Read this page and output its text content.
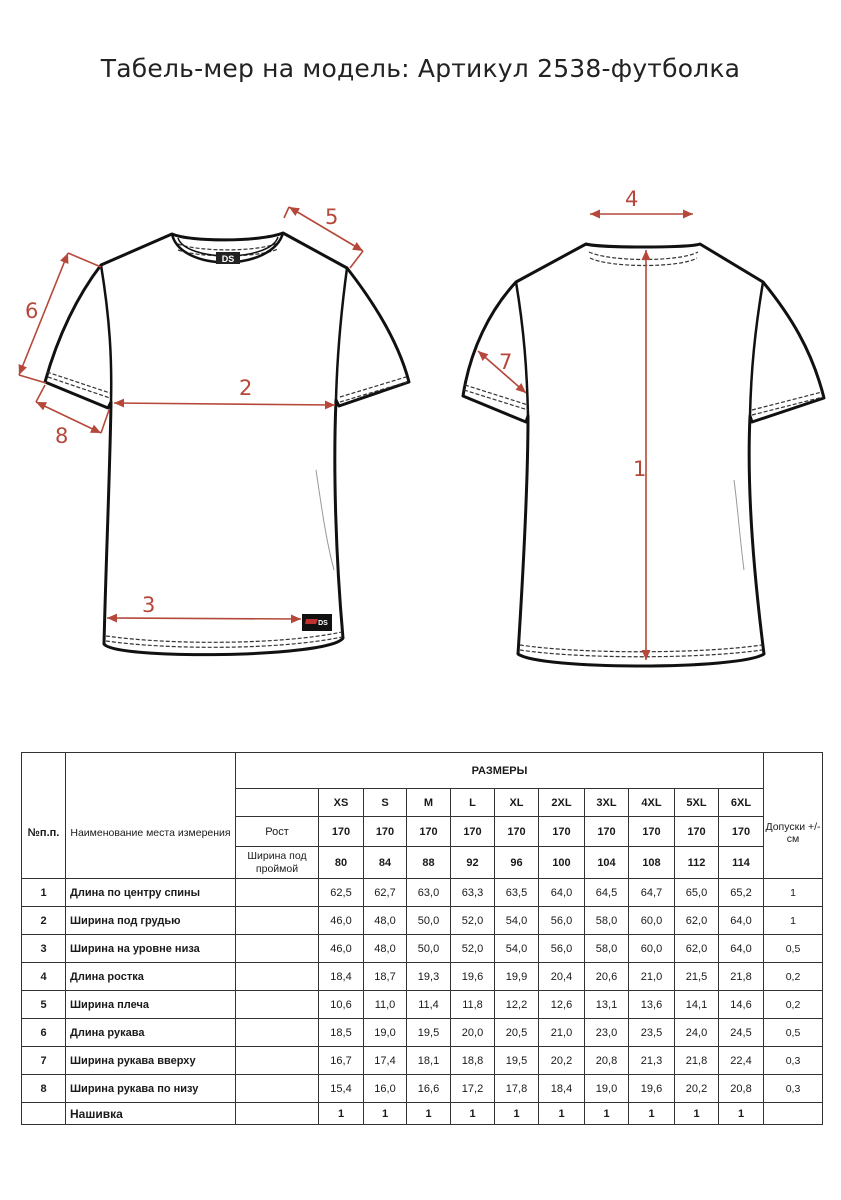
Табель-мер на модель: Артикул 2538-футболка
DS
DS
1
2
3
4
5
6
7
8
		РАЗМЕРЫ											
№п.п.	Наименование места измерения		XS	S	M	L	XL	2XL	3XL	4XL	5XL	6XL	Допуски +/- см
		Рост	170	170	170	170	170	170	170	170	170	170	
		Ширина под проймой	80	84	88	92	96	100	104	108	112	114	
1	Длина по центру спины		62,5	62,7	63,0	63,3	63,5	64,0	64,5	64,7	65,0	65,2	1
2	Ширина под грудью		46,0	48,0	50,0	52,0	54,0	56,0	58,0	60,0	62,0	64,0	1
3	Ширина на уровне низа		46,0	48,0	50,0	52,0	54,0	56,0	58,0	60,0	62,0	64,0	0,5
4	Длина ростка		18,4	18,7	19,3	19,6	19,9	20,4	20,6	21,0	21,5	21,8	0,2
5	Ширина плеча		10,6	11,0	11,4	11,8	12,2	12,6	13,1	13,6	14,1	14,6	0,2
6	Длина рукава		18,5	19,0	19,5	20,0	20,5	21,0	23,0	23,5	24,0	24,5	0,5
7	Ширина рукава вверху		16,7	17,4	18,1	18,8	19,5	20,2	20,8	21,3	21,8	22,4	0,3
8	Ширина рукава по низу		15,4	16,0	16,6	17,2	17,8	18,4	19,0	19,6	20,2	20,8	0,3
	Нашивка		1	1	1	1	1	1	1	1	1	1	
